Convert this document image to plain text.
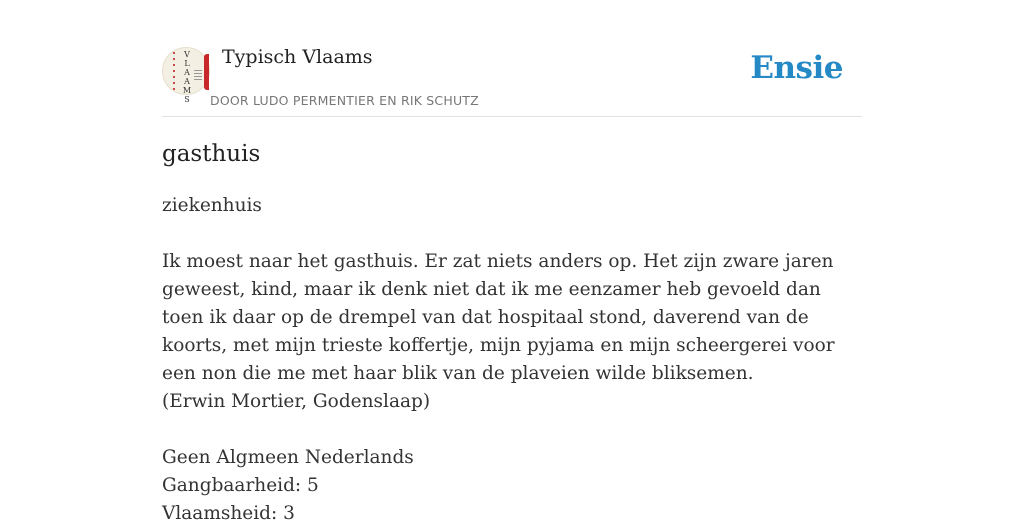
V
L
A
A
M
S
Typisch Vlaams
DOOR LUDO PERMENTIER EN RIK SCHUTZ
Ensie
gasthuis

ziekenhuis

Ik moest naar het gasthuis. Er zat niets anders op. Het zijn zware jaren geweest, kind, maar ik denk niet dat ik me eenzamer heb gevoeld dan toen ik daar op de drempel van dat hospitaal stond, daverend van de koorts, met mijn trieste koffertje, mijn pyjama en mijn scheergerei voor een non die me met haar blik van de plaveien wilde bliksemen.
(Erwin Mortier, Godenslaap)
Geen Algmeen Nederlands
Gangbaarheid: 5
Vlaamsheid: 3
